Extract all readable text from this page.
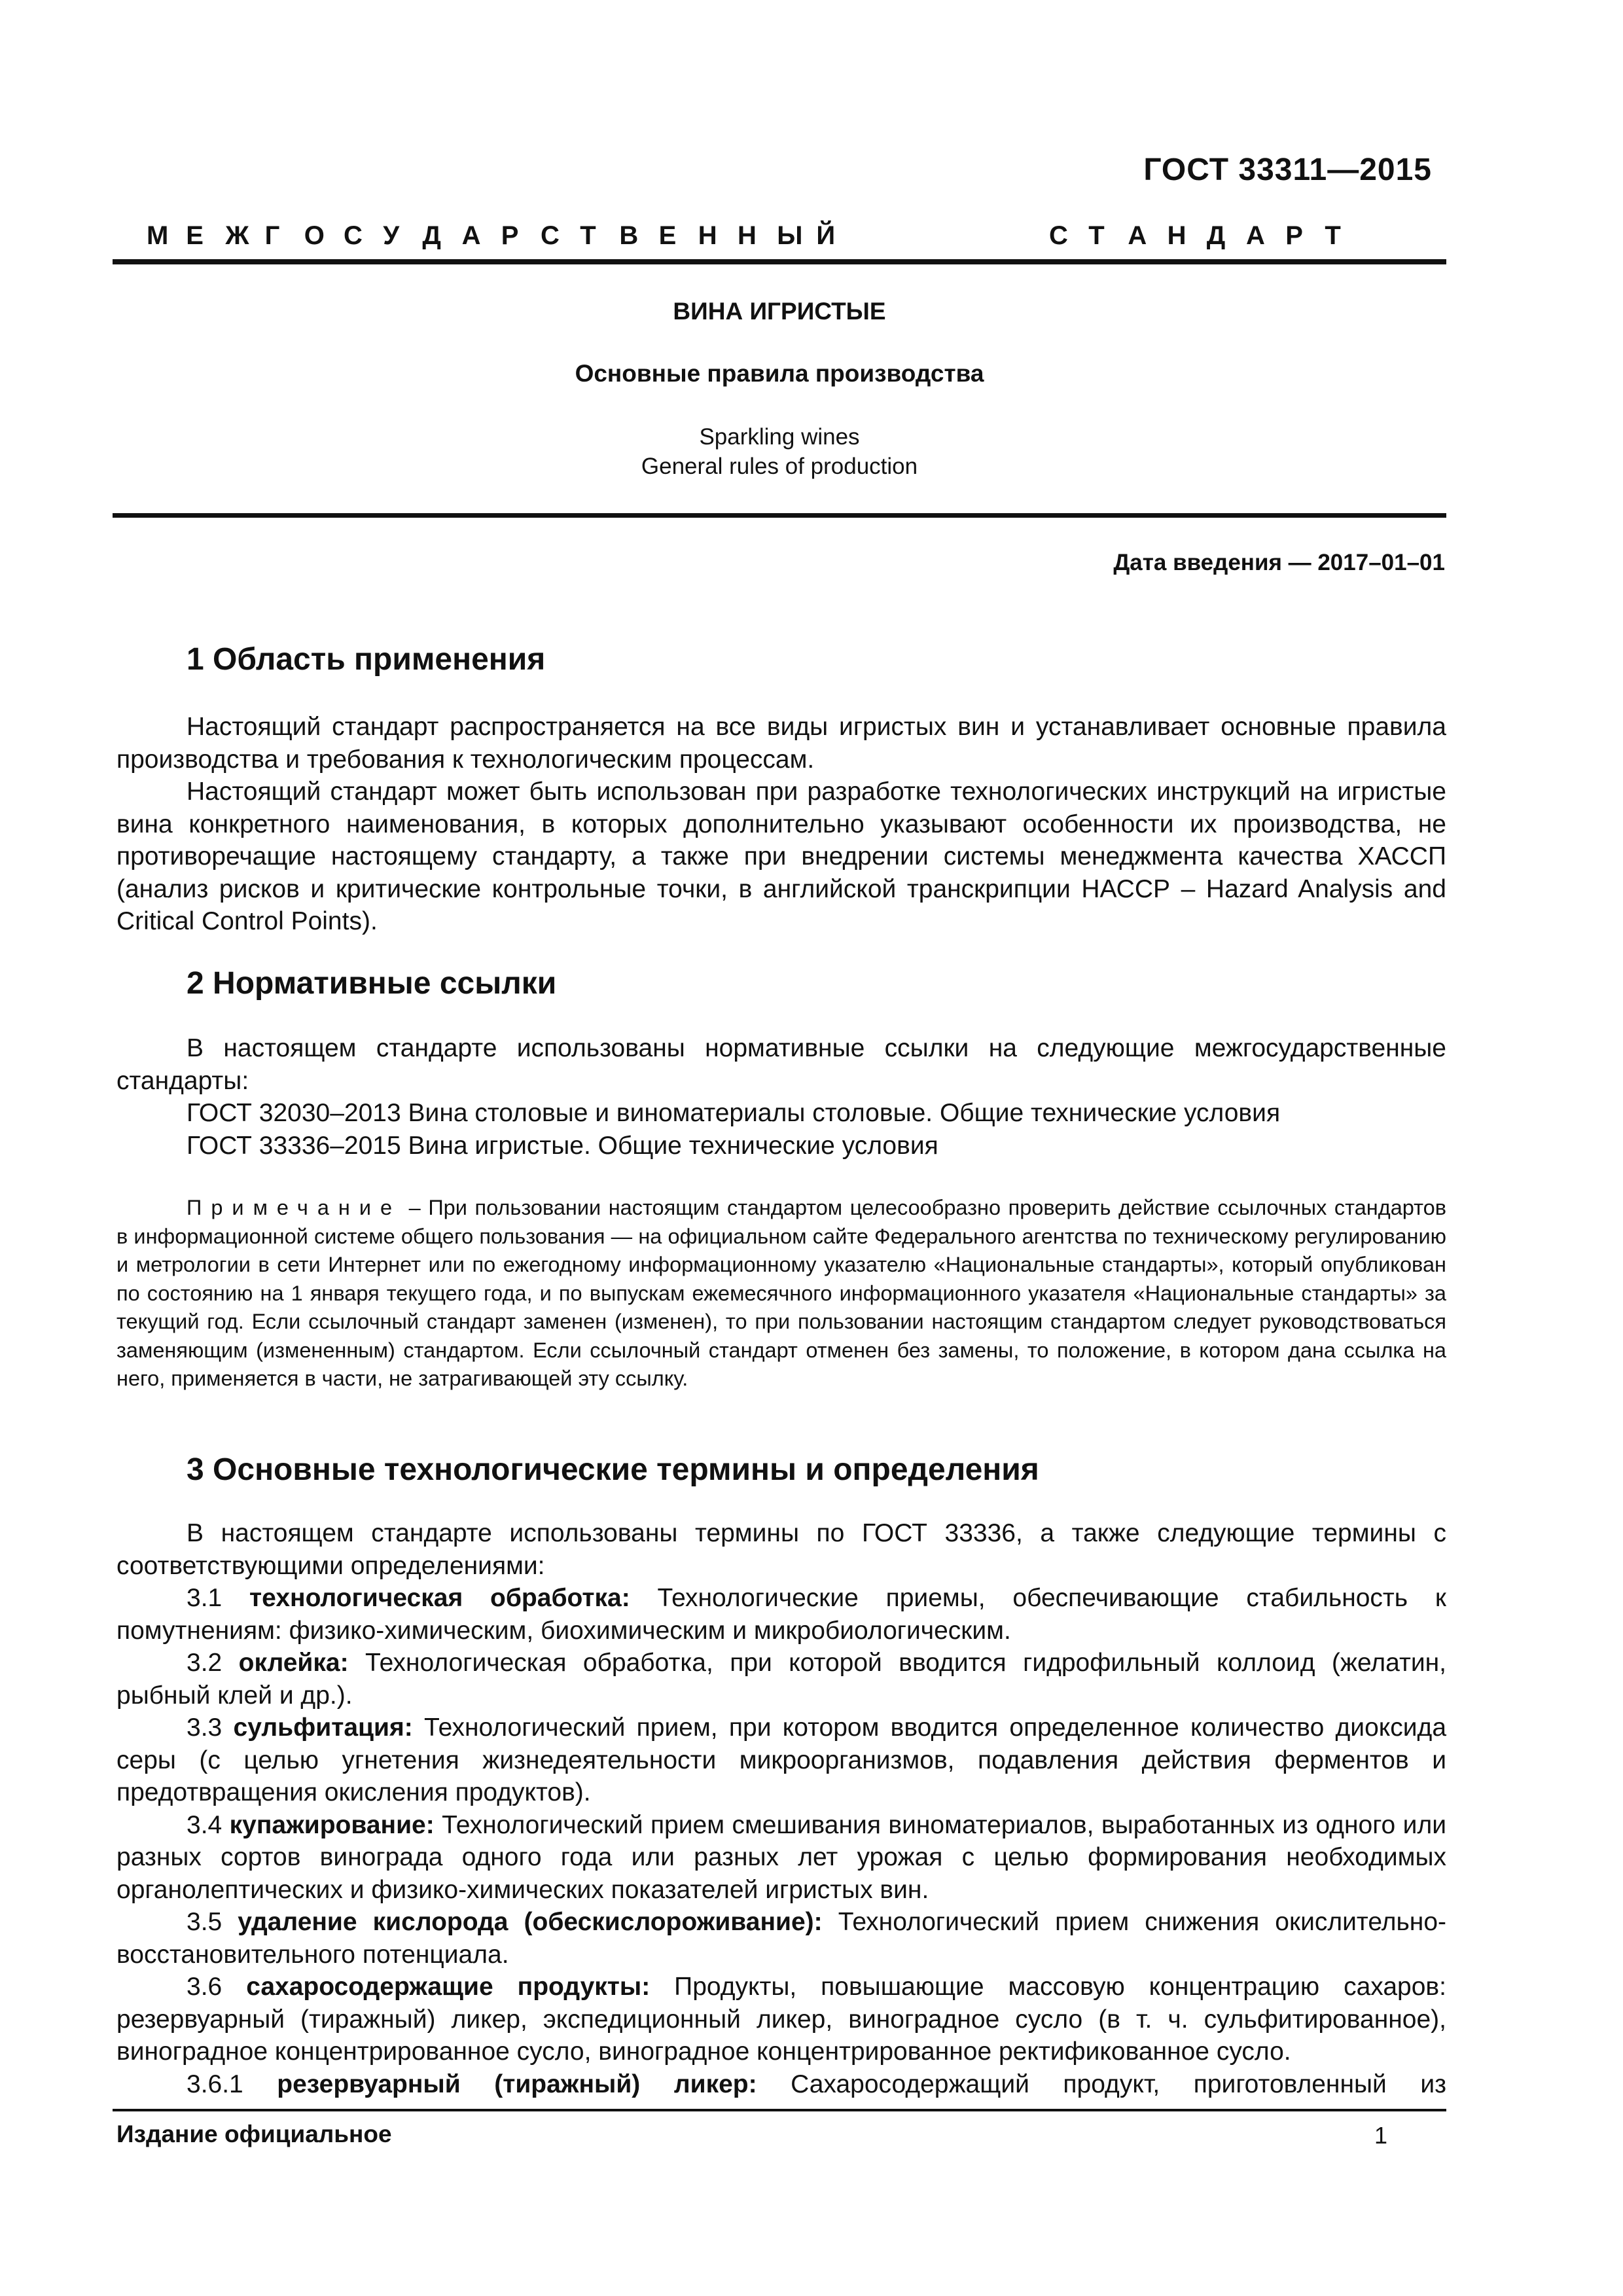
ГОСТ 33311—2015

М Е Ж Г О С У Д А Р С Т В Е Н Н Ы Й	С Т А Н Д А Р Т
ВИНА ИГРИСТЫЕ
Основные правила производства
Sparkling wines
General rules of production
Дата введения — 2017–01–01
1 Область применения

Настоящий стандарт распространяется на все виды игристых вин и устанавливает основные правила производства и требования к технологическим процессам.

Настоящий стандарт может быть использован при разработке технологических инструкций на игристые вина конкретного наименования, в которых дополнительно указывают особенности их производства, не противоречащие настоящему стандарту, а также при внедрении системы менеджмента качества ХАССП (анализ рисков и критические контрольные точки, в английской транскрипции НАССР – Hazard Analysis and Critical Control Points).

2 Нормативные ссылки

В настоящем стандарте использованы нормативные ссылки на следующие межгосударственные стандарты:

ГОСТ 32030–2013 Вина столовые и виноматериалы столовые. Общие технические условия

ГОСТ 33336–2015 Вина игристые. Общие технические условия

Примечание – При пользовании настоящим стандартом целесообразно проверить действие ссылочных стандартов в информационной системе общего пользования — на официальном сайте Федерального агентства по техническому регулированию и метрологии в сети Интернет или по ежегодному информационному указателю «Национальные стандарты», который опубликован по состоянию на 1 января текущего года, и по выпускам ежемесячного информационного указателя «Национальные стандарты» за текущий год. Если ссылочный стандарт заменен (изменен), то при пользовании настоящим стандартом следует руководствоваться заменяющим (измененным) стандартом. Если ссылочный стандарт отменен без замены, то положение, в котором дана ссылка на него, применяется в части, не затрагивающей эту ссылку.

3 Основные технологические термины и определения

В настоящем стандарте использованы термины по ГОСТ 33336, а также следующие термины с соответствующими определениями:

3.1 технологическая обработка: Технологические приемы, обеспечивающие стабильность к помутнениям: физико-химическим, биохимическим и микробиологическим.

3.2 оклейка: Технологическая обработка, при которой вводится гидрофильный коллоид (желатин, рыбный клей и др.).

3.3 сульфитация: Технологический прием, при котором вводится определенное количество диоксида серы (с целью угнетения жизнедеятельности микроорганизмов, подавления действия ферментов и предотвращения окисления продуктов).

3.4 купажирование: Технологический прием смешивания виноматериалов, выработанных из одного или разных сортов винограда одного года или разных лет урожая с целью формирования необходимых органолептических и физико-химических показателей игристых вин.

3.5 удаление кислорода (обескислороживание): Технологический прием снижения окислительно-восстановительного потенциала.

3.6 сахаросодержащие продукты: Продукты, повышающие массовую концентрацию сахаров: резервуарный (тиражный) ликер, экспедиционный ликер, виноградное сусло (в т. ч. сульфитированное), виноградное концентрированное сусло, виноградное концентрированное ректификованное сусло.

3.6.1 резервуарный (тиражный) ликер: Сахаросодержащий продукт, приготовленный из

Издание официальное	1
